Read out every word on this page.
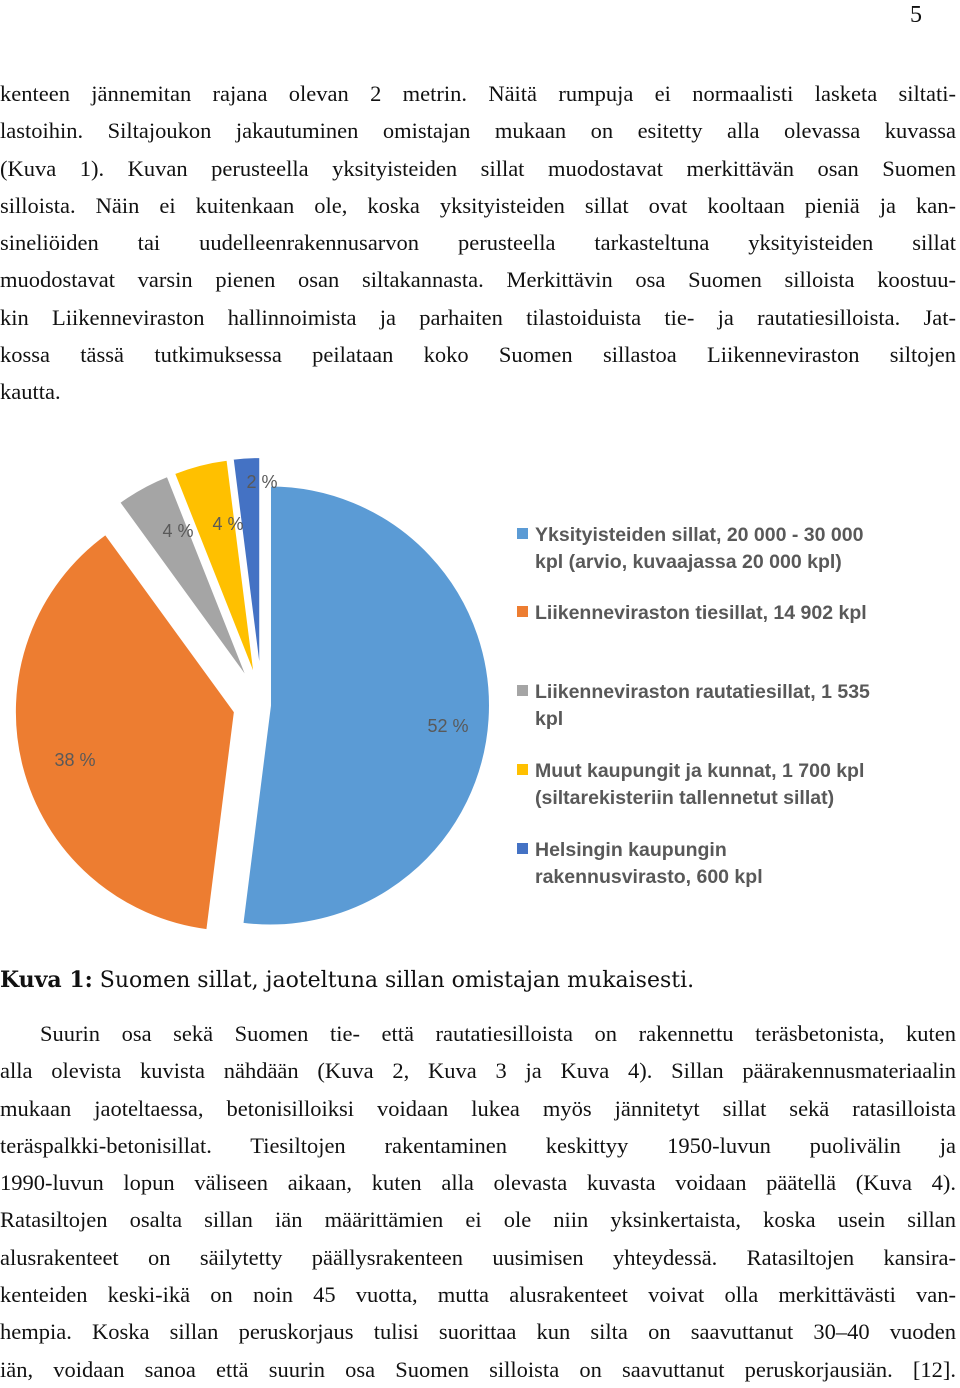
5
kenteen jännemitan rajana olevan 2 metrin. Näitä rumpuja ei normaalisti lasketa siltati-
lastoihin. Siltajoukon jakautuminen omistajan mukaan on esitetty alla olevassa kuvassa
(Kuva 1). Kuvan perusteella yksityisteiden sillat muodostavat merkittävän osan Suomen
silloista. Näin ei kuitenkaan ole, koska yksityisteiden sillat ovat kooltaan pieniä ja kan-
sineliöiden tai uudelleenrakennusarvon perusteella tarkasteltuna yksityisteiden sillat
muodostavat varsin pienen osan siltakannasta. Merkittävin osa Suomen silloista koostuu-
kin Liikenneviraston hallinnoimista ja parhaiten tilastoiduista tie- ja rautatiesilloista. Jat-
kossa tässä tutkimuksessa peilataan koko Suomen sillastoa Liikenneviraston siltojen
kautta.
52 %
38 %
4 % 4 %
2 %
Yksityisteiden sillat, 20 000 - 30 000
kpl (arvio, kuvaajassa 20 000 kpl)
Liikenneviraston tiesillat, 14 902 kpl
Liikenneviraston rautatiesillat, 1 535
kpl
Muut kaupungit ja kunnat, 1 700 kpl
(siltarekisteriin tallennetut sillat)
Helsingin kaupungin
rakennusvirasto, 600 kpl
Kuva 1: Suomen sillat, jaoteltuna sillan omistajan mukaisesti.
Suurin osa sekä Suomen tie- että rautatiesilloista on rakennettu teräsbetonista, kuten
alla olevista kuvista nähdään (Kuva 2, Kuva 3 ja Kuva 4). Sillan päärakennusmateriaalin
mukaan jaoteltaessa, betonisilloiksi voidaan lukea myös jännitetyt sillat sekä ratasilloista
teräspalkki-betonisillat. Tiesiltojen rakentaminen keskittyy 1950-luvun puolivälin ja
1990-luvun lopun väliseen aikaan, kuten alla olevasta kuvasta voidaan päätellä (Kuva 4).
Ratasiltojen osalta sillan iän määrittämien ei ole niin yksinkertaista, koska usein sillan
alusrakenteet on säilytetty päällysrakenteen uusimisen yhteydessä. Ratasiltojen kansira-
kenteiden keski-ikä on noin 45 vuotta, mutta alusrakenteet voivat olla merkittävästi van-
hempia. Koska sillan peruskorjaus tulisi suorittaa kun silta on saavuttanut 30–40 vuoden
iän, voidaan sanoa että suurin osa Suomen silloista on saavuttanut peruskorjausiän. [12].
